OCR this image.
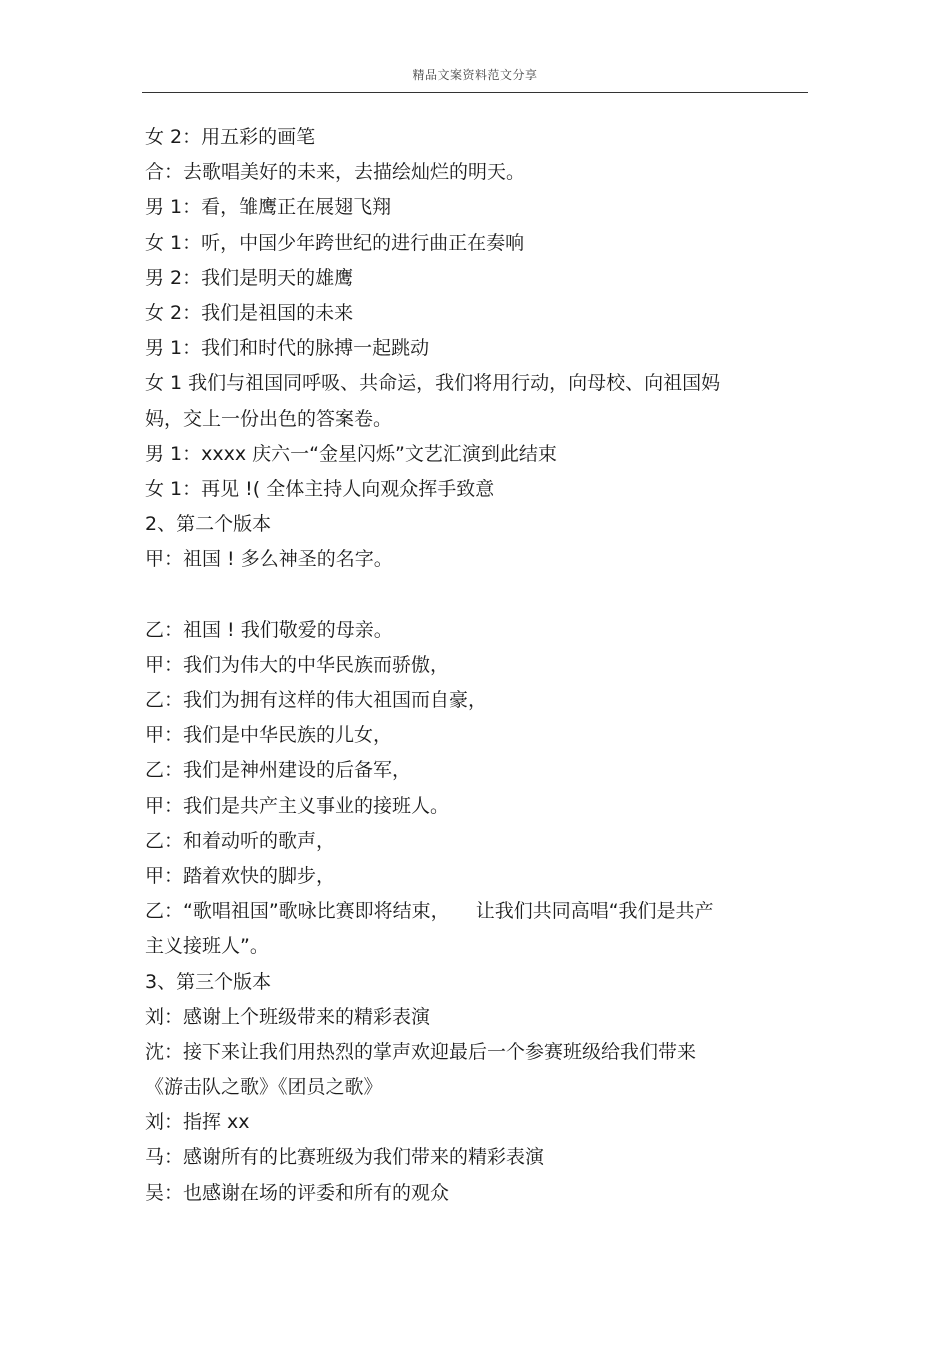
精品文案资料范文分享
女 2：用五彩的画笔
合：去歌唱美好的未来，去描绘灿烂的明天。
男 1：看，雏鹰正在展翅飞翔
女 1：听，中国少年跨世纪的进行曲正在奏响
男 2：我们是明天的雄鹰
女 2：我们是祖国的未来
男 1：我们和时代的脉搏一起跳动
女 1 我们与祖国同呼吸、共命运，我们将用行动，向母校、向祖国妈
妈，交上一份出色的答案卷。
男 1：xxxx 庆六一“金星闪烁”文艺汇演到此结束
女 1：再见 !( 全体主持人向观众挥手致意
2、第二个版本
甲：祖国 ! 多么神圣的名字。
乙：祖国 ! 我们敬爱的母亲。
甲：我们为伟大的中华民族而骄傲，
乙：我们为拥有这样的伟大祖国而自豪，
甲：我们是中华民族的儿女，
乙：我们是神州建设的后备军，
甲：我们是共产主义事业的接班人。
乙：和着动听的歌声，
甲：踏着欢快的脚步，
乙：“歌唱祖国”歌咏比赛即将结束， 让我们共同高唱“我们是共产
主义接班人”。
3、第三个版本
刘：感谢上个班级带来的精彩表演
沈：接下来让我们用热烈的掌声欢迎最后一个参赛班级给我们带来
《游击队之歌》《团员之歌》
刘：指挥 xx
马：感谢所有的比赛班级为我们带来的精彩表演
吴：也感谢在场的评委和所有的观众
